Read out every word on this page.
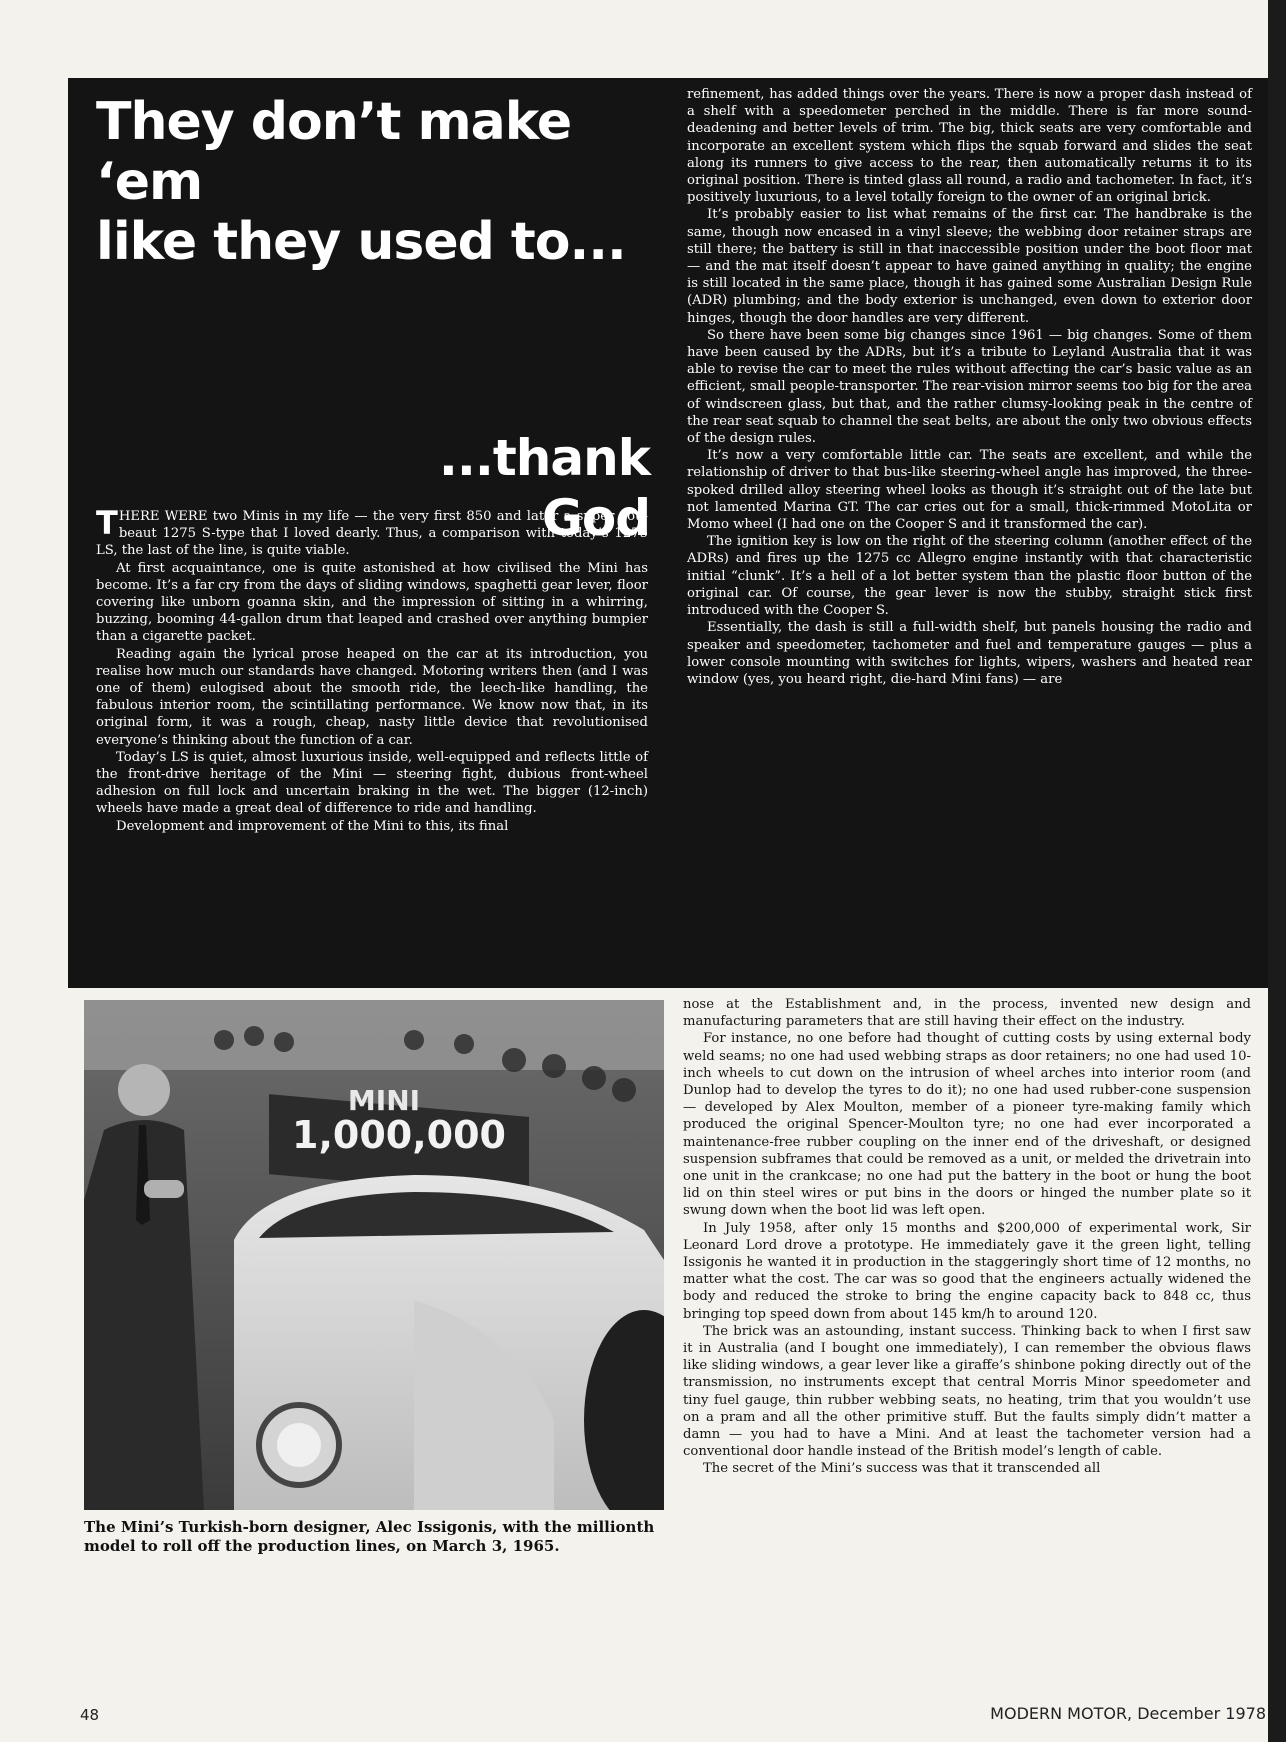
They don’t make ‘em
like they used to...
...thank God

THERE WERE two Minis in my life — the very first 850 and later a super you-beaut 1275 S-type that I loved dearly. Thus, a comparison with today’s 1275 LS, the last of the line, is quite viable.

At first acquaintance, one is quite astonished at how civilised the Mini has become. It’s a far cry from the days of sliding windows, spaghetti gear lever, floor covering like unborn goanna skin, and the impression of sitting in a whirring, buzzing, booming 44-gallon drum that leaped and crashed over anything bumpier than a cigarette packet.

Reading again the lyrical prose heaped on the car at its introduction, you realise how much our standards have changed. Motoring writers then (and I was one of them) eulogised about the smooth ride, the leech-like handling, the fabulous interior room, the scintillating performance. We know now that, in its original form, it was a rough, cheap, nasty little device that revolutionised everyone’s thinking about the function of a car.

Today’s LS is quiet, almost luxurious inside, well-equipped and reflects little of the front-drive heritage of the Mini — steering fight, dubious front-wheel adhesion on full lock and uncertain braking in the wet. The bigger (12-inch) wheels have made a great deal of difference to ride and handling.

Development and improvement of the Mini to this, its final

refinement, has added things over the years. There is now a proper dash instead of a shelf with a speedometer perched in the middle. There is far more sound-deadening and better levels of trim. The big, thick seats are very comfortable and incorporate an excellent system which flips the squab forward and slides the seat along its runners to give access to the rear, then automatically returns it to its original position. There is tinted glass all round, a radio and tachometer. In fact, it’s positively luxurious, to a level totally foreign to the owner of an original brick.

It’s probably easier to list what remains of the first car. The handbrake is the same, though now encased in a vinyl sleeve; the webbing door retainer straps are still there; the battery is still in that inaccessible position under the boot floor mat — and the mat itself doesn’t appear to have gained anything in quality; the engine is still located in the same place, though it has gained some Australian Design Rule (ADR) plumbing; and the body exterior is unchanged, even down to exterior door hinges, though the door handles are very different.

So there have been some big changes since 1961 — big changes. Some of them have been caused by the ADRs, but it’s a tribute to Leyland Australia that it was able to revise the car to meet the rules without affecting the car’s basic value as an efficient, small people-transporter. The rear-vision mirror seems too big for the area of windscreen glass, but that, and the rather clumsy-looking peak in the centre of the rear seat squab to channel the seat belts, are about the only two obvious effects of the design rules.

It’s now a very comfortable little car. The seats are excellent, and while the relationship of driver to that bus-like steering-wheel angle has improved, the three-spoked drilled alloy steering wheel looks as though it’s straight out of the late but not lamented Marina GT. The car cries out for a small, thick-rimmed MotoLita or Momo wheel (I had one on the Cooper S and it transformed the car).

The ignition key is low on the right of the steering column (another effect of the ADRs) and fires up the 1275 cc Allegro engine instantly with that characteristic initial “clunk”. It’s a hell of a lot better system than the plastic floor button of the original car. Of course, the gear lever is now the stubby, straight stick first introduced with the Cooper S.

Essentially, the dash is still a full-width shelf, but panels housing the radio and speaker and speedometer, tachometer and fuel and temperature gauges — plus a lower console mounting with switches for lights, wipers, washers and heated rear window (yes, you heard right, die-hard Mini fans) — are

MINI
1,000,000

The Mini’s Turkish-born designer, Alec Issigonis, with the millionth model to roll off the production lines, on March 3, 1965.

nose at the Establishment and, in the process, invented new design and manufacturing parameters that are still having their effect on the industry.

For instance, no one before had thought of cutting costs by using external body weld seams; no one had used webbing straps as door retainers; no one had used 10-inch wheels to cut down on the intrusion of wheel arches into interior room (and Dunlop had to develop the tyres to do it); no one had used rubber-cone suspension — developed by Alex Moulton, member of a pioneer tyre-making family which produced the original Spencer-Moulton tyre; no one had ever incorporated a maintenance-free rubber coupling on the inner end of the driveshaft, or designed suspension subframes that could be removed as a unit, or melded the drivetrain into one unit in the crankcase; no one had put the battery in the boot or hung the boot lid on thin steel wires or put bins in the doors or hinged the number plate so it swung down when the boot lid was left open.

In July 1958, after only 15 months and $200,000 of experimental work, Sir Leonard Lord drove a prototype. He immediately gave it the green light, telling Issigonis he wanted it in production in the staggeringly short time of 12 months, no matter what the cost. The car was so good that the engineers actually widened the body and reduced the stroke to bring the engine capacity back to 848 cc, thus bringing top speed down from about 145 km/h to around 120.

The brick was an astounding, instant success. Thinking back to when I first saw it in Australia (and I bought one immediately), I can remember the obvious flaws like sliding windows, a gear lever like a giraffe’s shinbone poking directly out of the transmission, no instruments except that central Morris Minor speedometer and tiny fuel gauge, thin rubber webbing seats, no heating, trim that you wouldn’t use on a pram and all the other primitive stuff. But the faults simply didn’t matter a damn — you had to have a Mini. And at least the tachometer version had a conventional door handle instead of the British model’s length of cable.

The secret of the Mini’s success was that it transcended all

48	MODERN MOTOR, December 1978
